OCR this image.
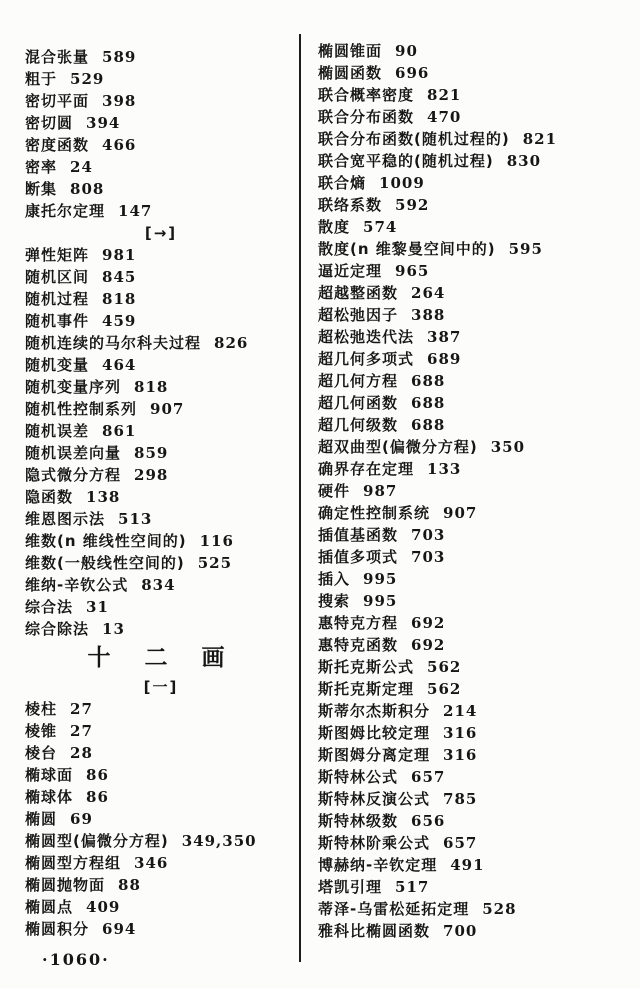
混合张量 589
粗于 529
密切平面 398
密切圆 394
密度函数 466
密率 24
断集 808
康托尔定理 147
[→]
弹性矩阵 981
随机区间 845
随机过程 818
随机事件 459
随机连续的马尔科夫过程 826
随机变量 464
随机变量序列 818
随机性控制系列 907
随机误差 861
随机误差向量 859
隐式微分方程 298
隐函数 138
维恩图示法 513
维数(n 维线性空间的) 116
维数(一般线性空间的) 525
维纳-辛钦公式 834
综合法 31
综合除法 13
十二画
[一]
棱柱 27
棱锥 27
棱台 28
椭球面 86
椭球体 86
椭圆 69
椭圆型(偏微分方程) 349,350
椭圆型方程组 346
椭圆抛物面 88
椭圆点 409
椭圆积分 694
椭圆锥面 90
椭圆函数 696
联合概率密度 821
联合分布函数 470
联合分布函数(随机过程的) 821
联合宽平稳的(随机过程) 830
联合熵 1009
联络系数 592
散度 574
散度(n 维黎曼空间中的) 595
逼近定理 965
超越整函数 264
超松弛因子 388
超松弛迭代法 387
超几何多项式 689
超几何方程 688
超几何函数 688
超几何级数 688
超双曲型(偏微分方程) 350
确界存在定理 133
硬件 987
确定性控制系统 907
插值基函数 703
插值多项式 703
插入 995
搜索 995
惠特克方程 692
惠特克函数 692
斯托克斯公式 562
斯托克斯定理 562
斯蒂尔杰斯积分 214
斯图姆比较定理 316
斯图姆分离定理 316
斯特林公式 657
斯特林反演公式 785
斯特林级数 656
斯特林阶乘公式 657
博赫纳-辛钦定理 491
塔凯引理 517
蒂泽-乌雷松延拓定理 528
雅科比椭圆函数 700
·1060·
